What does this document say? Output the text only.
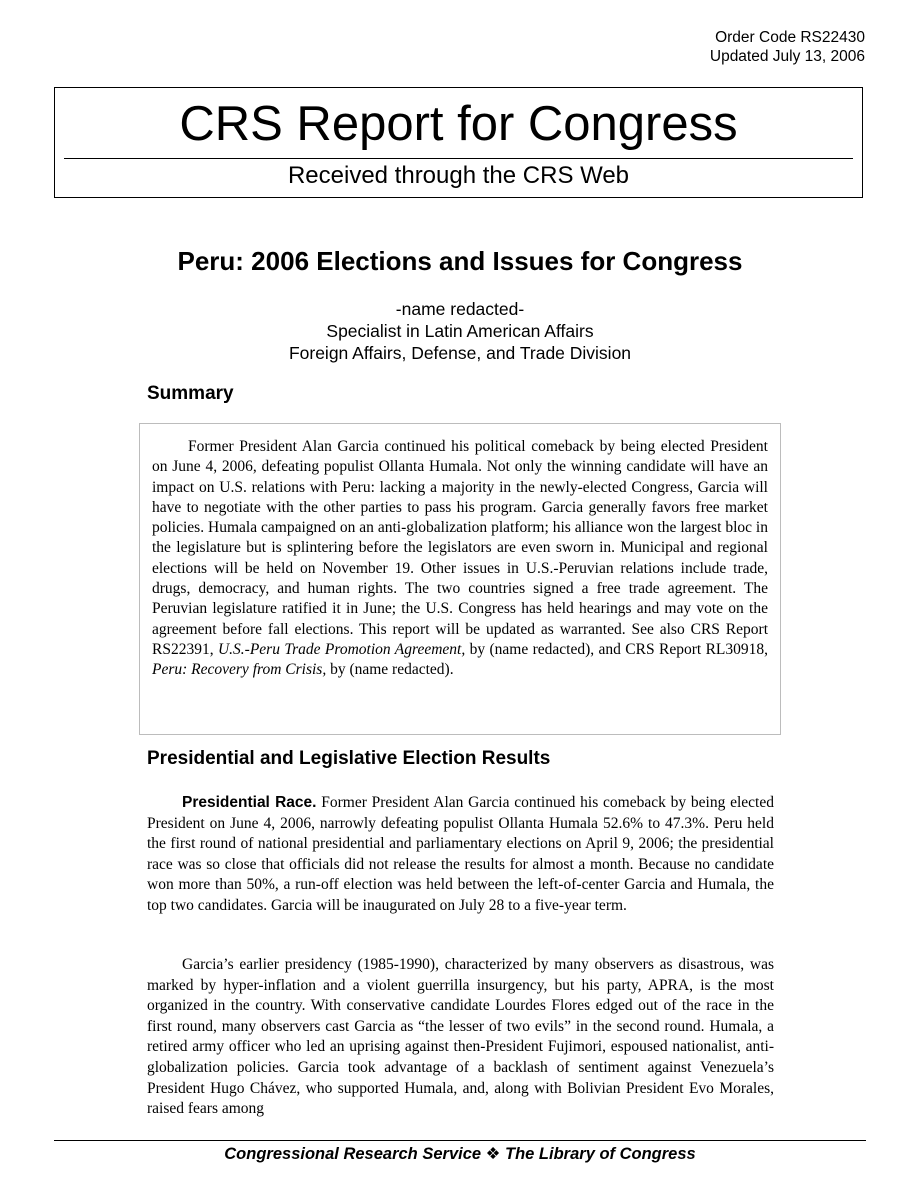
Order Code RS22430
Updated July 13, 2006
CRS Report for Congress
Received through the CRS Web
Peru: 2006 Elections and Issues for Congress
-name redacted-
Specialist in Latin American Affairs
Foreign Affairs, Defense, and Trade Division
Summary

Former President Alan Garcia continued his political comeback by being elected President on June 4, 2006, defeating populist Ollanta Humala. Not only the winning candidate will have an impact on U.S. relations with Peru: lacking a majority in the newly-elected Congress, Garcia will have to negotiate with the other parties to pass his program. Garcia generally favors free market policies. Humala campaigned on an anti-globalization platform; his alliance won the largest bloc in the legislature but is splintering before the legislators are even sworn in. Municipal and regional elections will be held on November 19. Other issues in U.S.-Peruvian relations include trade, drugs, democracy, and human rights. The two countries signed a free trade agreement. The Peruvian legislature ratified it in June; the U.S. Congress has held hearings and may vote on the agreement before fall elections. This report will be updated as warranted. See also CRS Report RS22391, U.S.-Peru Trade Promotion Agreement, by (name redacted), and CRS Report RL30918, Peru: Recovery from Crisis, by (name redacted).

Presidential and Legislative Election Results

Presidential Race. Former President Alan Garcia continued his comeback by being elected President on June 4, 2006, narrowly defeating populist Ollanta Humala 52.6% to 47.3%. Peru held the first round of national presidential and parliamentary elections on April 9, 2006; the presidential race was so close that officials did not release the results for almost a month. Because no candidate won more than 50%, a run-off election was held between the left-of-center Garcia and Humala, the top two candidates. Garcia will be inaugurated on July 28 to a five-year term.

Garcia’s earlier presidency (1985-1990), characterized by many observers as disastrous, was marked by hyper-inflation and a violent guerrilla insurgency, but his party, APRA, is the most organized in the country. With conservative candidate Lourdes Flores edged out of the race in the first round, many observers cast Garcia as “the lesser of two evils” in the second round. Humala, a retired army officer who led an uprising against then-President Fujimori, espoused nationalist, anti-globalization policies. Garcia took advantage of a backlash of sentiment against Venezuela’s President Hugo Chávez, who supported Humala, and, along with Bolivian President Evo Morales, raised fears among

Congressional Research Service ❖ The Library of Congress
